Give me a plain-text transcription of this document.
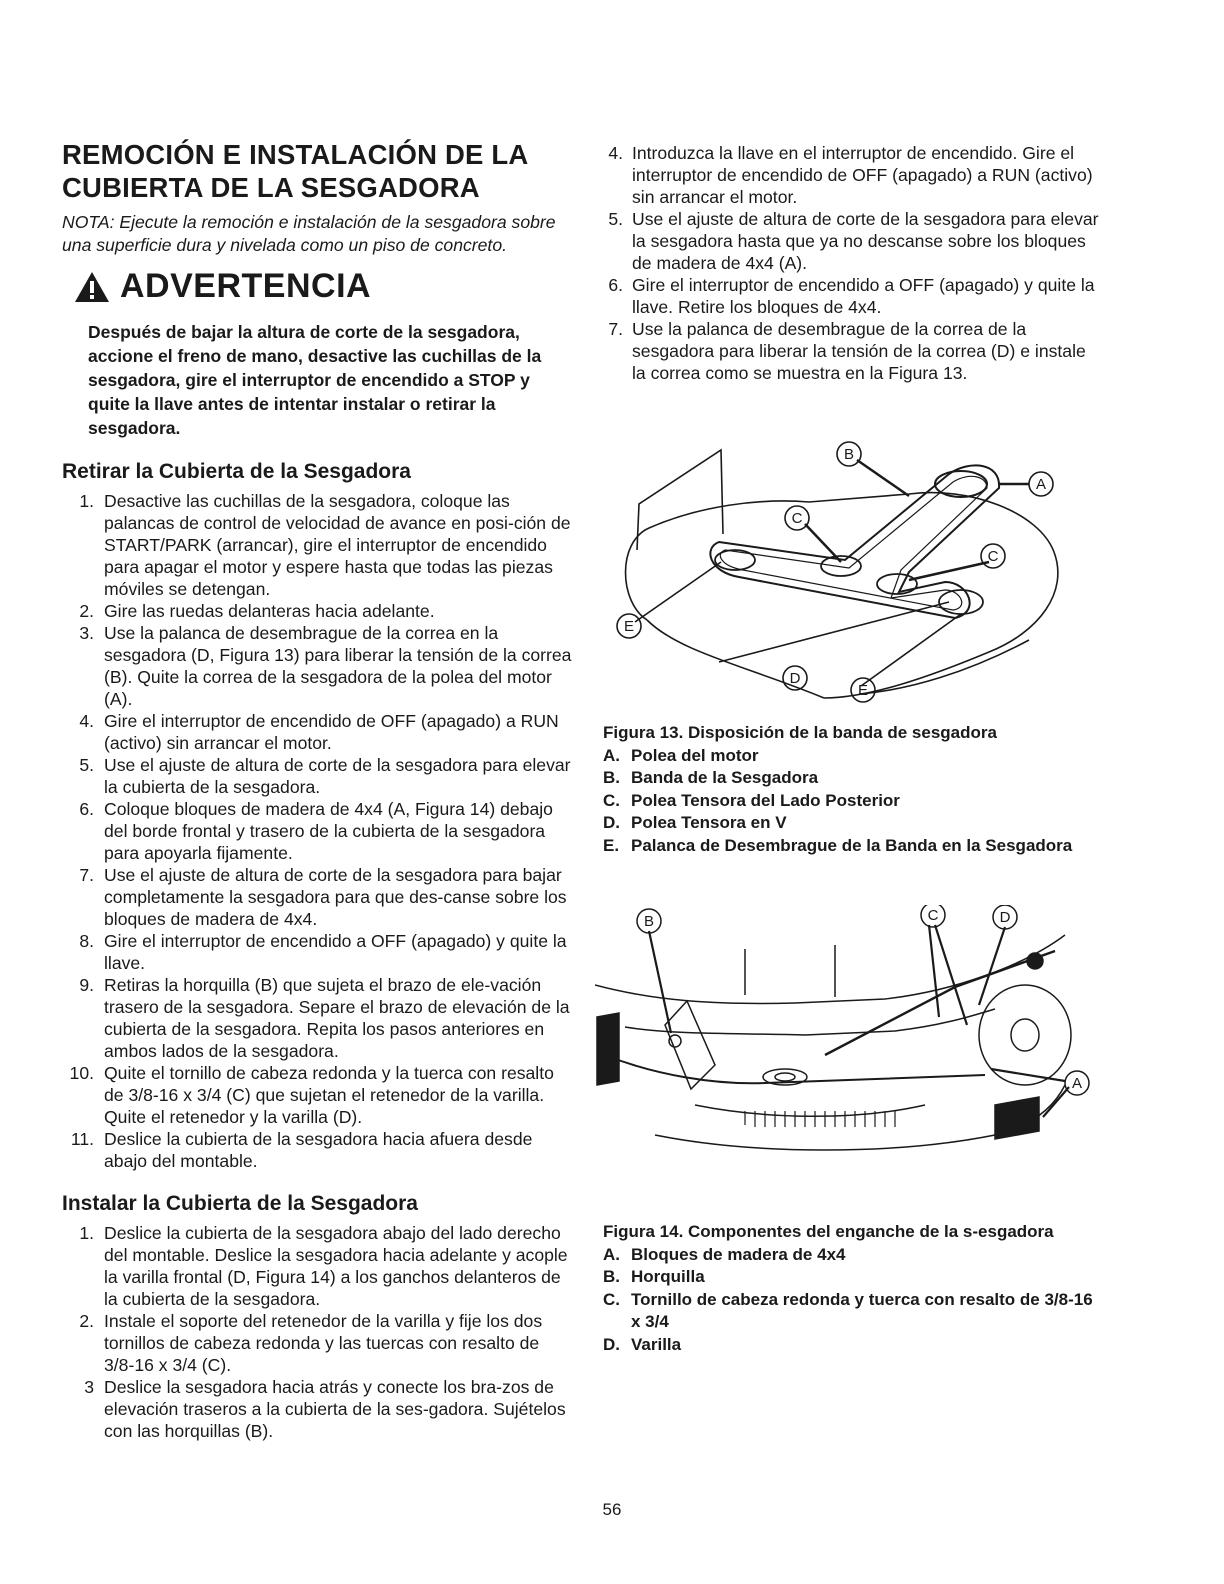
REMOCIÓN E INSTALACIÓN DE LA CUBIERTA DE LA SESGADORA

NOTA: Ejecute la remoción e instalación de la sesgadora sobre una superficie dura y nivelada como un piso de concreto.

ADVERTENCIA
Después de bajar la altura de corte de la sesgadora, accione el freno de mano, desactive las cuchillas de la sesgadora, gire el interruptor de encendido a STOP y quite la llave antes de intentar instalar o retirar la sesgadora.
Retirar la Cubierta de la Sesgadora
1. Desactive las cuchillas de la sesgadora, coloque las palancas de control de velocidad de avance en posi-ción de START/PARK (arrancar), gire el interruptor de encendido para apagar el motor y espere hasta que todas las piezas móviles se detengan.
2. Gire las ruedas delanteras hacia adelante.
3. Use la palanca de desembrague de la correa en la sesgadora (D, Figura 13) para liberar la tensión de la correa (B). Quite la correa de la sesgadora de la polea del motor (A).
4. Gire el interruptor de encendido de OFF (apagado) a RUN (activo) sin arrancar el motor.
5. Use el ajuste de altura de corte de la sesgadora para elevar la cubierta de la sesgadora.
6. Coloque bloques de madera de 4x4 (A, Figura 14) debajo del borde frontal y trasero de la cubierta de la sesgadora para apoyarla fijamente.
7. Use el ajuste de altura de corte de la sesgadora para bajar completamente la sesgadora para que des-canse sobre los bloques de madera de 4x4.
8. Gire el interruptor de encendido a OFF (apagado) y quite la llave.
9. Retiras la horquilla (B) que sujeta el brazo de ele-vación trasero de la sesgadora. Separe el brazo de elevación de la cubierta de la sesgadora. Repita los pasos anteriores en ambos lados de la sesgadora.
10. Quite el tornillo de cabeza redonda y la tuerca con resalto de 3/8-16 x 3/4 (C) que sujetan el retenedor de la varilla. Quite el retenedor y la varilla (D).
11. Deslice la cubierta de la sesgadora hacia afuera desde abajo del montable.
Instalar la Cubierta de la Sesgadora
1. Deslice la cubierta de la sesgadora abajo del lado derecho del montable. Deslice la sesgadora hacia adelante y acople la varilla frontal (D, Figura 14) a los ganchos delanteros de la cubierta de la sesgadora.
2. Instale el soporte del retenedor de la varilla y fije los dos tornillos de cabeza redonda y las tuercas con resalto de 3/8-16 x 3/4 (C).
3 Deslice la sesgadora hacia atrás y conecte los bra-zos de elevación traseros a la cubierta de la ses-gadora. Sujételos con las horquillas (B).
4. Introduzca la llave en el interruptor de encendido. Gire el interruptor de encendido de OFF (apagado) a RUN (activo) sin arrancar el motor.
5. Use el ajuste de altura de corte de la sesgadora para elevar la sesgadora hasta que ya no descanse sobre los bloques de madera de 4x4 (A).
6. Gire el interruptor de encendido a OFF (apagado) y quite la llave. Retire los bloques de 4x4.
7. Use la palanca de desembrague de la correa de la sesgadora para liberar la tensión de la correa (D) e instale la correa como se muestra en la Figura 13.
B
A
C
C
E
D
E
Figura 13. Disposición de la banda de sesgadora
A. Polea del motor
B. Banda de la Sesgadora
C. Polea Tensora del Lado Posterior
D. Polea Tensora en V
E. Palanca de Desembrague de la Banda en la Sesgadora
B	C	D
A
Figura 14. Componentes del enganche de la s-esgadora
A. Bloques de madera de 4x4
B. Horquilla
C. Tornillo de cabeza redonda y tuerca con resalto de 3/8-16 x 3/4
D. Varilla
56
